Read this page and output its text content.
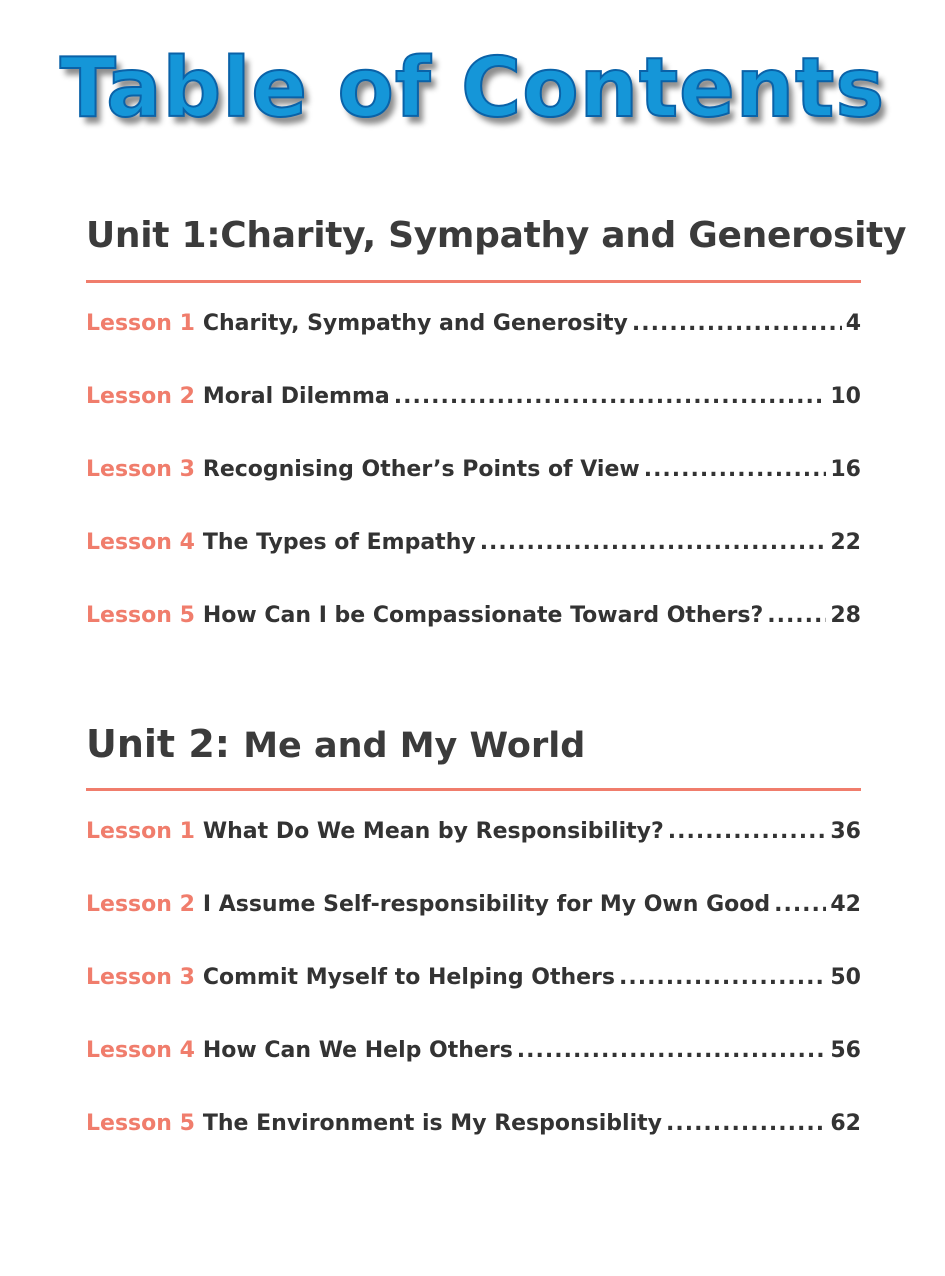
Table of Contents
Unit 1:Charity, Sympathy and Generosity
Lesson 1 Charity, Sympathy and Generosity .....	4
Lesson 2 Moral Dilemma .....	10
Lesson 3 Recognising Other’s Points of View .....	16
Lesson 4 The Types of Empathy .....	22
Lesson 5 How Can I be Compassionate Toward Others? .....	28
Unit 2: Me and My World
Lesson 1 What Do We Mean by Responsibility? .....	36
Lesson 2 I Assume Self-responsibility for My Own Good .....	42
Lesson 3 Commit Myself to Helping Others .....	50
Lesson 4 How Can We Help Others .....	56
Lesson 5 The Environment is My Responsiblity .....	62
